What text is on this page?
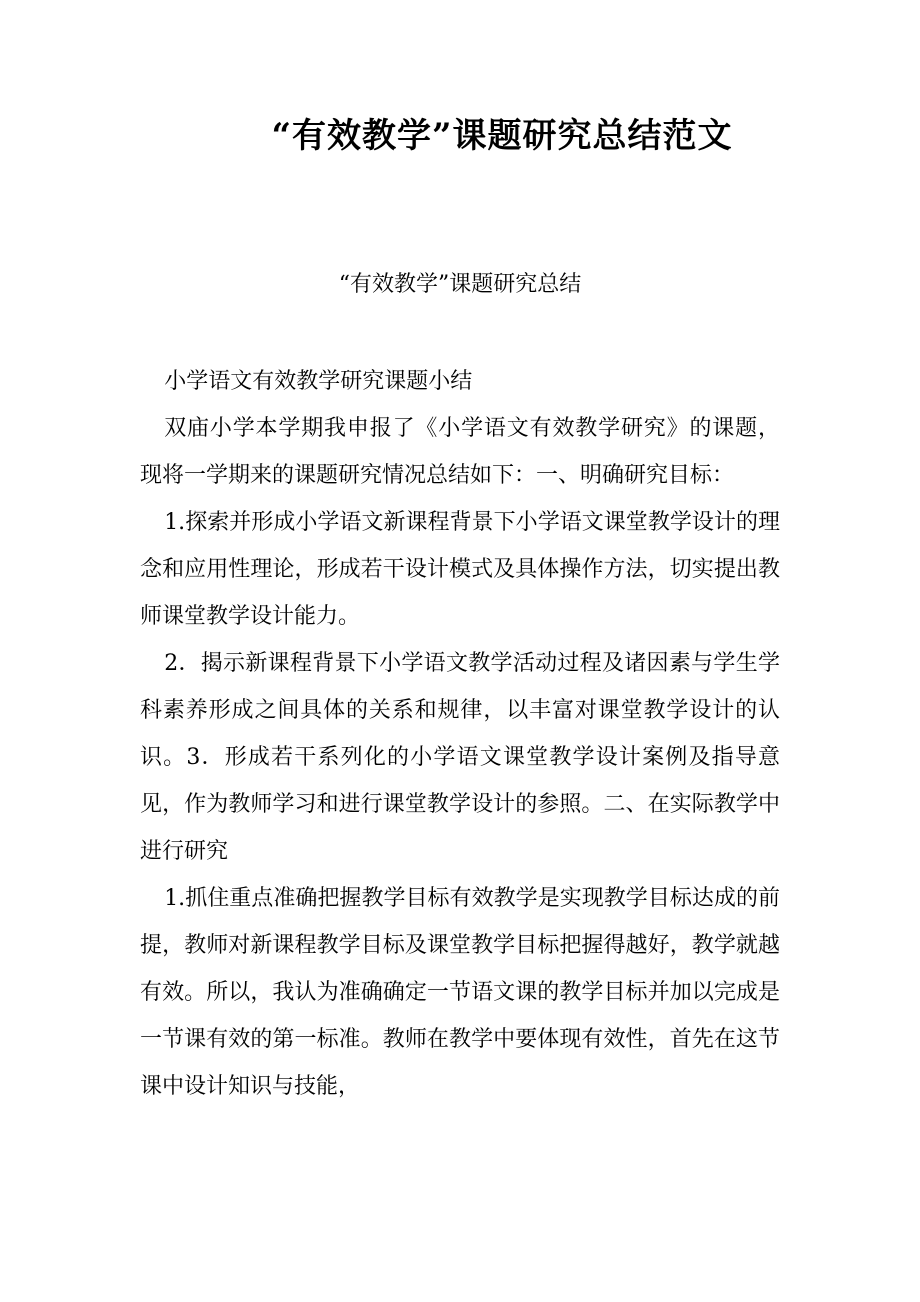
“有效教学”课题研究总结范文
“有效教学”课题研究总结

小学语文有效教学研究课题小结

双庙小学本学期我申报了《小学语文有效教学研究》的课题，现将一学期来的课题研究情况总结如下：一、明确研究目标：

1.探索并形成小学语文新课程背景下小学语文课堂教学设计的理念和应用性理论，形成若干设计模式及具体操作方法，切实提出教师课堂教学设计能力。

2．揭示新课程背景下小学语文教学活动过程及诸因素与学生学科素养形成之间具体的关系和规律，以丰富对课堂教学设计的认识。3．形成若干系列化的小学语文课堂教学设计案例及指导意见，作为教师学习和进行课堂教学设计的参照。二、在实际教学中进行研究

1.抓住重点准确把握教学目标有效教学是实现教学目标达成的前提，教师对新课程教学目标及课堂教学目标把握得越好，教学就越有效。所以，我认为准确确定一节语文课的教学目标并加以完成是一节课有效的第一标准。教师在教学中要体现有效性，首先在这节课中设计知识与技能，
